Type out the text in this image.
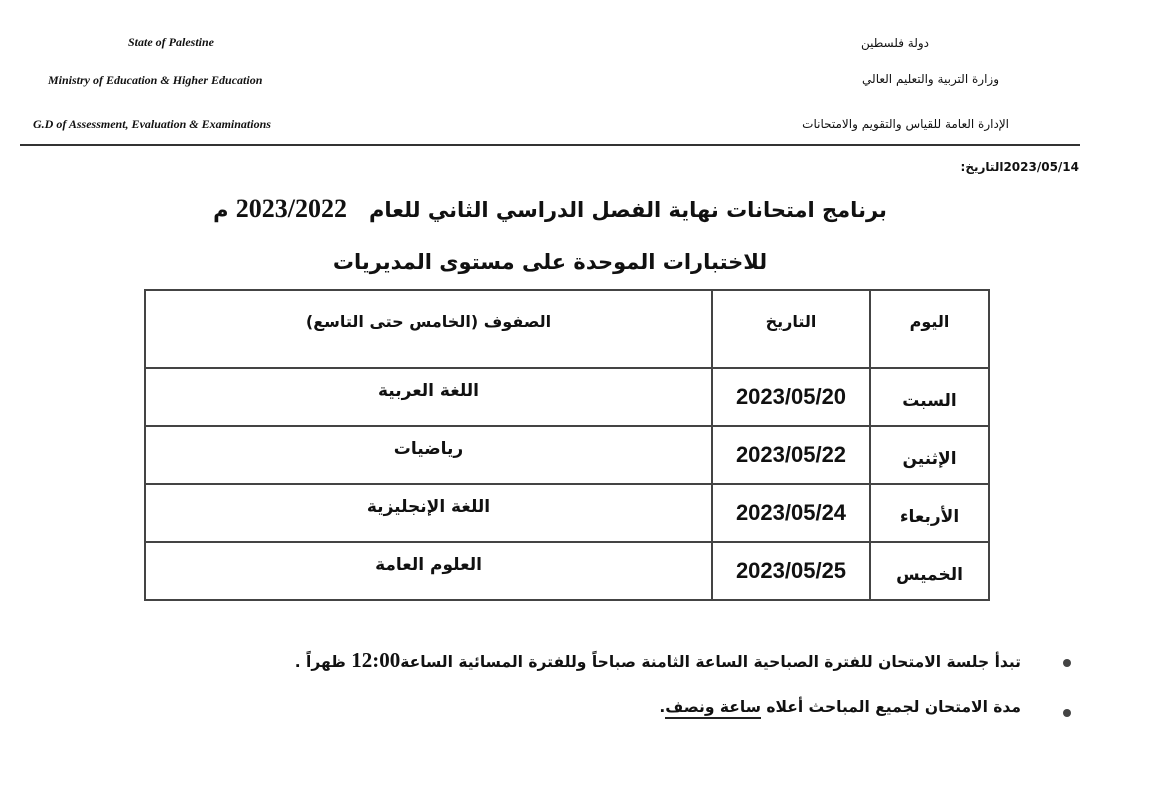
State of Palestine
Ministry of Education & Higher Education
G.D of Assessment, Evaluation & Examinations
دولة فلسطين
وزارة التربية والتعليم العالي
الإدارة العامة للقياس والتقويم والامتحانات
التاريخ:2023/05/14
برنامج امتحانات نهاية الفصل الدراسي الثاني للعام   2023/2022 م
للاختبارات الموحدة على مستوى المديريات
اليوم	التاريخ	الصفوف (الخامس حتى التاسع)
السبت	2023/05/20	اللغة العربية
الإثنين	2023/05/22	رياضيات
الأربعاء	2023/05/24	اللغة الإنجليزية
الخميس	2023/05/25	العلوم العامة
تبدأ جلسة الامتحان للفترة الصباحية الساعة الثامنة صباحاً وللفترة المسائية الساعة12:00 ظهراً .
مدة الامتحان لجميع المباحث أعلاه ساعة ونصف.
